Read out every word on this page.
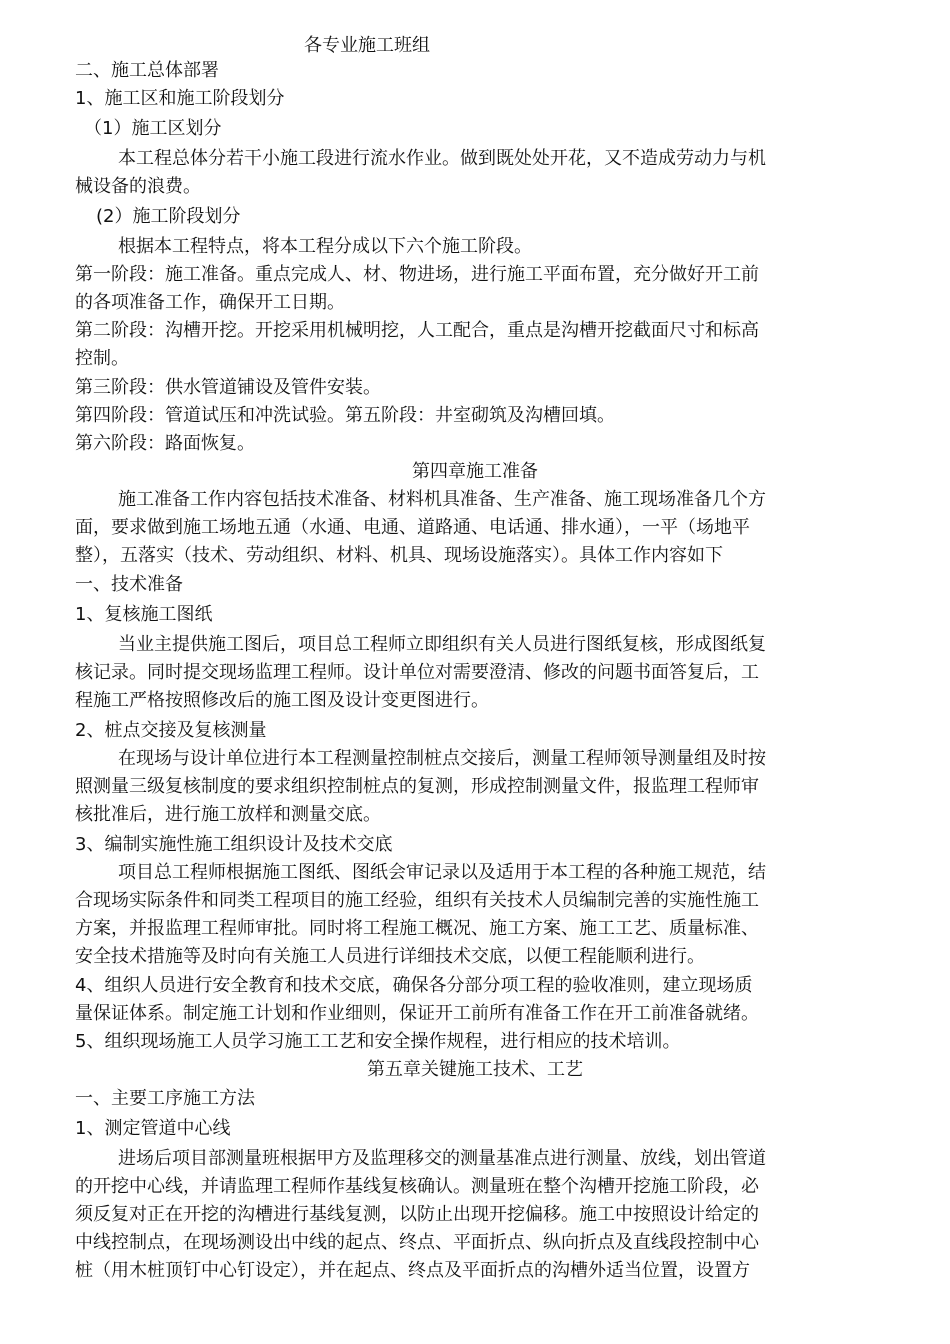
各专业施工班组
二、施工总体部署
1、施工区和施工阶段划分
（1）施工区划分
本工程总体分若干小施工段进行流水作业。做到既处处开花，又不造成劳动力与机
械设备的浪费。
(2）施工阶段划分
根据本工程特点，将本工程分成以下六个施工阶段。
第一阶段：施工准备。重点完成人、材、物进场，进行施工平面布置，充分做好开工前
的各项准备工作，确保开工日期。
第二阶段：沟槽开挖。开挖采用机械明挖，人工配合，重点是沟槽开挖截面尺寸和标高
控制。
第三阶段：供水管道铺设及管件安装。
第四阶段：管道试压和冲洗试验。第五阶段：井室砌筑及沟槽回填。
第六阶段：路面恢复。
第四章施工准备
施工准备工作内容包括技术准备、材料机具准备、生产准备、施工现场准备几个方
面，要求做到施工场地五通（水通、电通、道路通、电话通、排水通），一平（场地平
整），五落实（技术、劳动组织、材料、机具、现场设施落实）。具体工作内容如下
一、技术准备
1、复核施工图纸
当业主提供施工图后，项目总工程师立即组织有关人员进行图纸复核，形成图纸复
核记录。同时提交现场监理工程师。设计单位对需要澄清、修改的问题书面答复后，工
程施工严格按照修改后的施工图及设计变更图进行。
2、桩点交接及复核测量
在现场与设计单位进行本工程测量控制桩点交接后，测量工程师领导测量组及时按
照测量三级复核制度的要求组织控制桩点的复测，形成控制测量文件，报监理工程师审
核批准后，进行施工放样和测量交底。
3、编制实施性施工组织设计及技术交底
项目总工程师根据施工图纸、图纸会审记录以及适用于本工程的各种施工规范，结
合现场实际条件和同类工程项目的施工经验，组织有关技术人员编制完善的实施性施工
方案，并报监理工程师审批。同时将工程施工概况、施工方案、施工工艺、质量标准、
安全技术措施等及时向有关施工人员进行详细技术交底，以便工程能顺利进行。
4、组织人员进行安全教育和技术交底，确保各分部分项工程的验收准则，建立现场质
量保证体系。制定施工计划和作业细则，保证开工前所有准备工作在开工前准备就绪。
5、组织现场施工人员学习施工工艺和安全操作规程，进行相应的技术培训。
第五章关键施工技术、工艺
一、主要工序施工方法
1、测定管道中心线
进场后项目部测量班根据甲方及监理移交的测量基准点进行测量、放线，划出管道
的开挖中心线，并请监理工程师作基线复核确认。测量班在整个沟槽开挖施工阶段，必
须反复对正在开挖的沟槽进行基线复测，以防止出现开挖偏移。施工中按照设计给定的
中线控制点，在现场测设出中线的起点、终点、平面折点、纵向折点及直线段控制中心
桩（用木桩顶钉中心钉设定），并在起点、终点及平面折点的沟槽外适当位置，设置方
